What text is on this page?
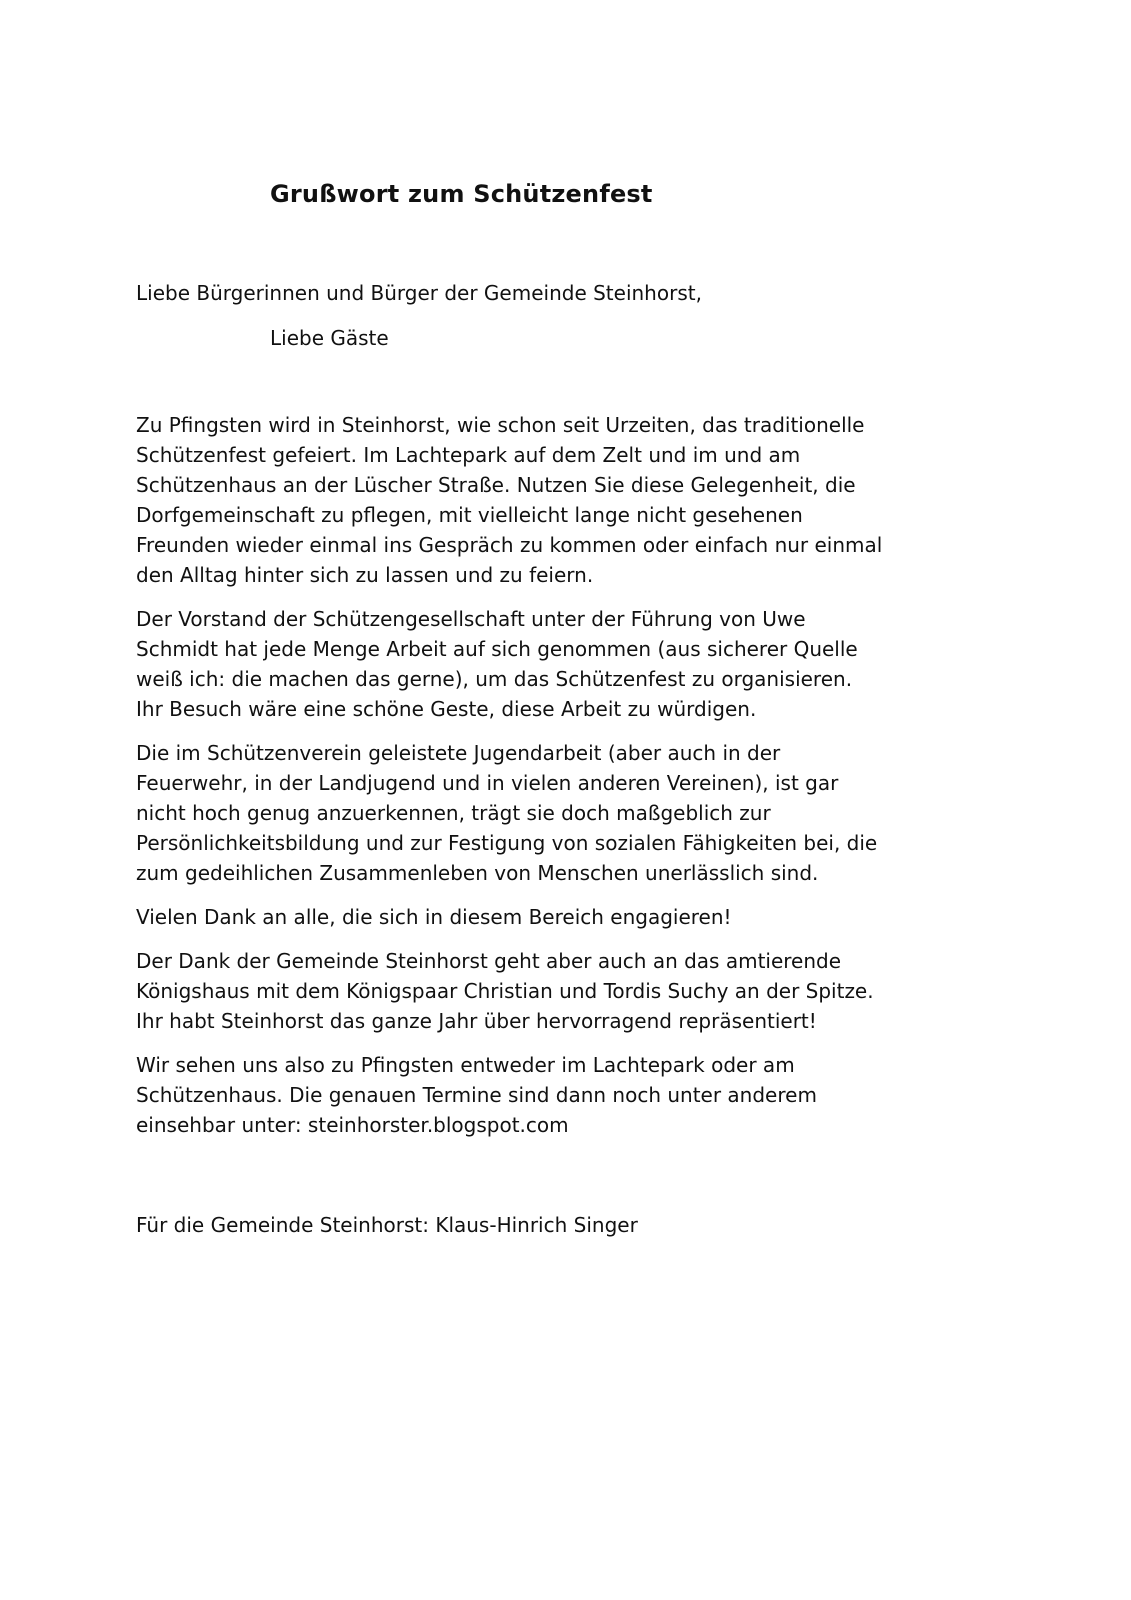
Grußwort zum Schützenfest

Liebe Bürgerinnen und Bürger der Gemeinde Steinhorst,

Liebe Gäste

Zu Pfingsten wird in Steinhorst, wie schon seit Urzeiten, das traditionelle
Schützenfest gefeiert. Im Lachtepark auf dem Zelt und im und am
Schützenhaus an der Lüscher Straße. Nutzen Sie diese Gelegenheit, die
Dorfgemeinschaft zu pflegen, mit vielleicht lange nicht gesehenen
Freunden wieder einmal ins Gespräch zu kommen oder einfach nur einmal
den Alltag hinter sich zu lassen und zu feiern.

Der Vorstand der Schützengesellschaft unter der Führung von Uwe
Schmidt hat jede Menge Arbeit auf sich genommen (aus sicherer Quelle
weiß ich: die machen das gerne), um das Schützenfest zu organisieren.
Ihr Besuch wäre eine schöne Geste, diese Arbeit zu würdigen.

Die im Schützenverein geleistete Jugendarbeit (aber auch in der
Feuerwehr, in der Landjugend und in vielen anderen Vereinen), ist gar
nicht hoch genug anzuerkennen, trägt sie doch maßgeblich zur
Persönlichkeitsbildung und zur Festigung von sozialen Fähigkeiten bei, die
zum gedeihlichen Zusammenleben von Menschen unerlässlich sind.

Vielen Dank an alle, die sich in diesem Bereich engagieren!

Der Dank der Gemeinde Steinhorst geht aber auch an das amtierende
Königshaus mit dem Königspaar Christian und Tordis Suchy an der Spitze.
Ihr habt Steinhorst das ganze Jahr über hervorragend repräsentiert!

Wir sehen uns also zu Pfingsten entweder im Lachtepark oder am
Schützenhaus. Die genauen Termine sind dann noch unter anderem
einsehbar unter: steinhorster.blogspot.com

Für die Gemeinde Steinhorst: Klaus-Hinrich Singer
